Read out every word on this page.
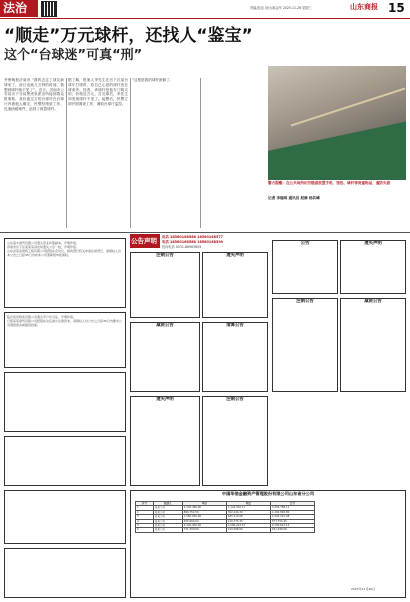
法治	责编/赵宪 设计/郝金华 2025.11.26 星期三	山东商报 15
“顺走”万元球杆，还找人“鉴宝”
这个“台球迷”可真“刑”
警方提醒：在公共场所切勿随意放置手机、钱包、球杆等贵重物品，谨防失窃
记者 李瑞琪 通讯员 赵修 杨其峰
齐鲁晚报济南讯 “我的去这了球友新球来了，前日也就几万钟的时间，我想到球杆就不见了”。近日，济南市公安局历下分局黑虎泉派出所接到群众报案称，其价值过万的台球杆在台球厅内被他人顺走，民警经细致工作，迅速侦破案件，追回了被盗球杆。
据了解，报案人李先生在历下区某台球厅打球时，将自己心爱的球杆放在球桌旁。经查，该球杆是他专门购买的，价格近万元。打完球后，李先生却发现球杆不见了。接警后，民警立即开展调查工作，调取台球厅监控。
“这根是我的球杆被偷了，
公告声明 电话 18560168566 18560168577
电话 18560168588 18560168599
投诉电话 0531-86963609
山东盛丰商贸有限公司遗失营业执照副本，声明作废。
济南市历下区某某家庭农场遗失公章一枚，声明作废。
山东省某某建筑工程有限公司经股东会决议，拟向登记机关申请注销登记，请债权人自本公告之日起45日内向本公司清算组申报债权。
临沂某某物流有限公司遗失开户许可证，声明作废。
日照某某商贸有限公司经股东决定减少注册资本，请债权人自公告之日起45日内要求公司清偿债务或提供担保。
注销公告	遗失声明
减资公告	清算公告
遗失声明	注销公告
公告	遗失声明
注销公告	减资公告
中国华信金融资产管理股份有限公司山东省分公司
序号	借款人	本金	利息	合计
1	某某公司	2,135,456.00	1,124,332.11	3,259,788.11
2	某某公司	890,752.50	302,144.30	1,192,896.80
3	某某公司	1,560,000.00	645,210.08	2,205,210.08
4	某某公司	456,980.00	120,775.45	577,755.45
5	某某公司	3,120,400.00	1,580,223.12	4,700,623.12
6	某某公司	721,300.00	210,098.66	931,398.66
2025年11月26日
